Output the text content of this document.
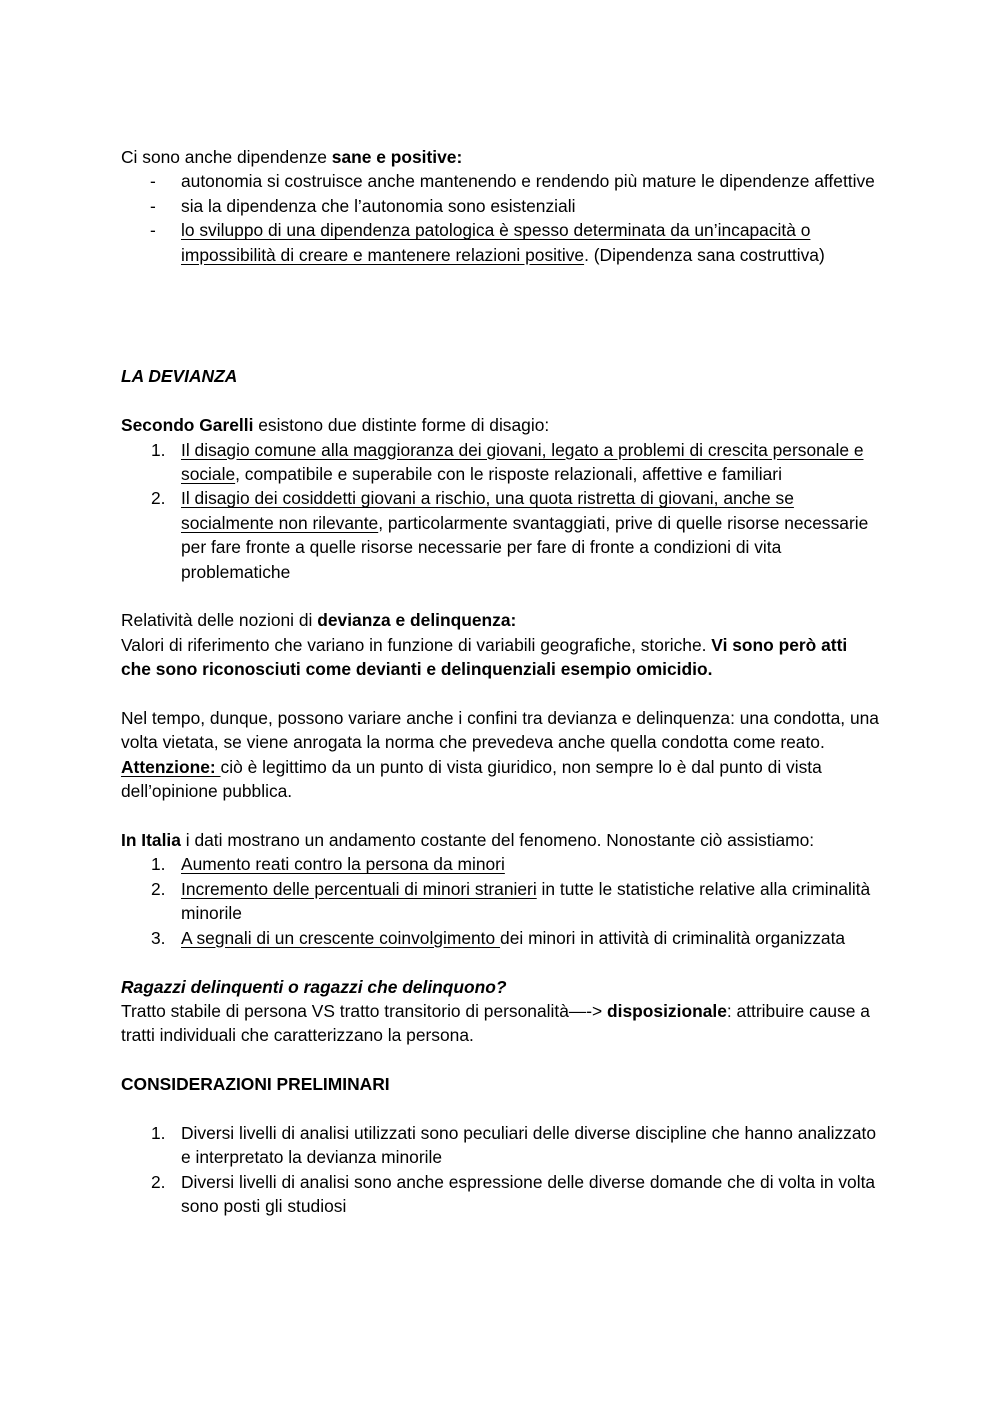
Ci sono anche dipendenze sane e positive:

- autonomia si costruisce anche mantenendo e rendendo più mature le dipendenze affettive
- sia la dipendenza che l’autonomia sono esistenziali
- lo sviluppo di una dipendenza patologica è spesso determinata da un’incapacità o impossibilità di creare e mantenere relazioni positive. (Dipendenza sana costruttiva)

LA DEVIANZA

Secondo Garelli esistono due distinte forme di disagio:

1. Il disagio comune alla maggioranza dei giovani, legato a problemi di crescita personale e sociale, compatibile e superabile con le risposte relazionali, affettive e familiari
2. Il disagio dei cosiddetti giovani a rischio, una quota ristretta di giovani, anche se socialmente non rilevante, particolarmente svantaggiati, prive di quelle risorse necessarie per fare fronte a quelle risorse necessarie per fare di fronte a condizioni di vita problematiche

Relatività delle nozioni di devianza e delinquenza:

Valori di riferimento che variano in funzione di variabili geografiche, storiche. Vi sono però atti che sono riconosciuti come devianti e delinquenziali esempio omicidio.

Nel tempo, dunque, possono variare anche i confini tra devianza e delinquenza: una condotta, una volta vietata, se viene anrogata la norma che prevedeva anche quella condotta come reato.

Attenzione: ciò è legittimo da un punto di vista giuridico, non sempre lo è dal punto di vista dell’opinione pubblica.

In Italia i dati mostrano un andamento costante del fenomeno. Nonostante ciò assistiamo:

1. Aumento reati contro la persona da minori
2. Incremento delle percentuali di minori stranieri in tutte le statistiche relative alla criminalità minorile
3. A segnali di un crescente coinvolgimento dei minori in attività di criminalità organizzata

Ragazzi delinquenti o ragazzi che delinquono?

Tratto stabile di persona VS tratto transitorio di personalità—-> disposizionale: attribuire cause a tratti individuali che caratterizzano la persona.

CONSIDERAZIONI PRELIMINARI

1. Diversi livelli di analisi utilizzati sono peculiari delle diverse discipline che hanno analizzato e interpretato la devianza minorile
2. Diversi livelli di analisi sono anche espressione delle diverse domande che di volta in volta sono posti gli studiosi
